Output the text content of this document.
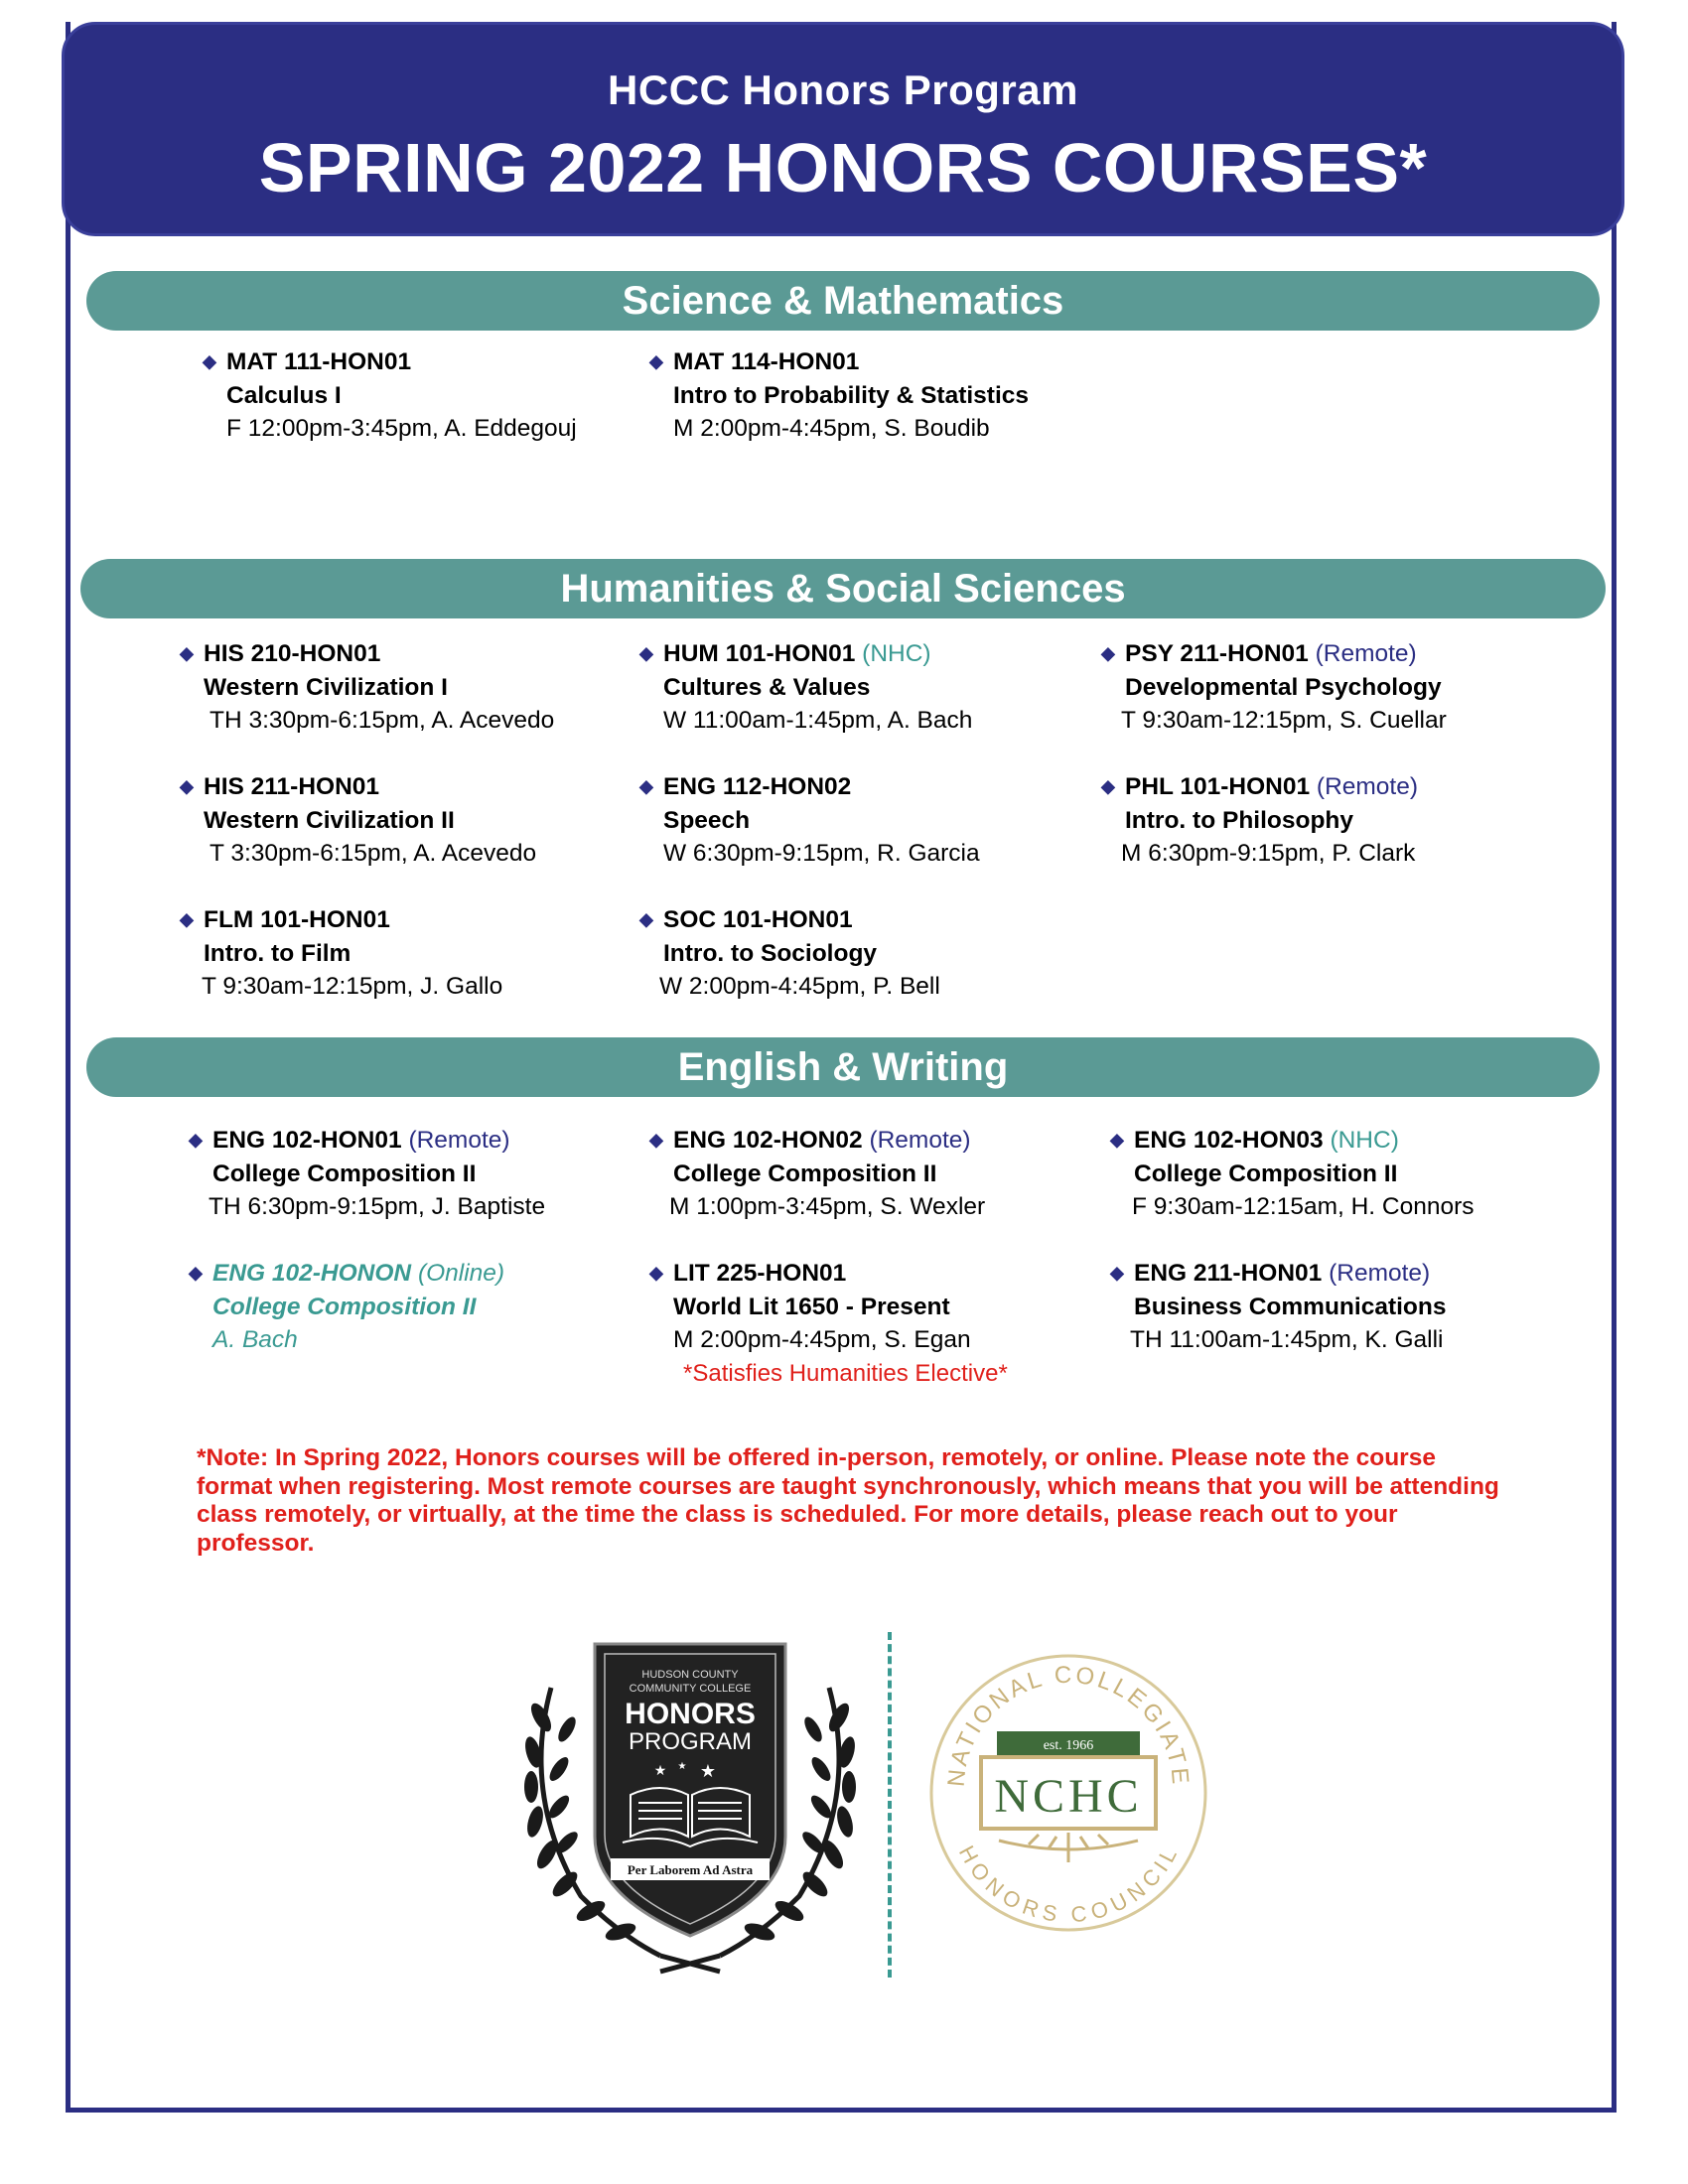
HCCC Honors Program
SPRING 2022 HONORS COURSES*
Science & Mathematics
Humanities & Social Sciences
English & Writing
◆ MAT 111-HON01
Calculus I
F 12:00pm-3:45pm, A. Eddegouj
◆ MAT 114-HON01
Intro to Probability & Statistics
M 2:00pm-4:45pm, S. Boudib
◆ HIS 210-HON01
Western Civilization I
TH 3:30pm-6:15pm, A. Acevedo
◆ HUM 101-HON01 (NHC)
Cultures & Values
W 11:00am-1:45pm, A. Bach
◆ PSY 211-HON01 (Remote)
Developmental Psychology
T 9:30am-12:15pm, S. Cuellar
◆ HIS 211-HON01
Western Civilization II
T 3:30pm-6:15pm, A. Acevedo
◆ ENG 112-HON02
Speech
W 6:30pm-9:15pm, R. Garcia
◆ PHL 101-HON01 (Remote)
Intro. to Philosophy
M 6:30pm-9:15pm, P. Clark
◆ FLM 101-HON01
Intro. to Film
T 9:30am-12:15pm, J. Gallo
◆ SOC 101-HON01
Intro. to Sociology
W 2:00pm-4:45pm, P. Bell
◆ ENG 102-HON01 (Remote)
College Composition II
TH 6:30pm-9:15pm, J. Baptiste
◆ ENG 102-HON02 (Remote)
College Composition II
M 1:00pm-3:45pm, S. Wexler
◆ ENG 102-HON03 (NHC)
College Composition II
F 9:30am-12:15am, H. Connors
◆ ENG 102-HONON (Online)
College Composition II
A. Bach
◆ LIT 225-HON01
World Lit 1650 - Present
M 2:00pm-4:45pm, S. Egan
*Satisfies Humanities Elective*
◆ ENG 211-HON01 (Remote)
Business Communications
TH 11:00am-1:45pm, K. Galli
*Note: In Spring 2022, Honors courses will be offered in-person, remotely, or online. Please note the course format when registering. Most remote courses are taught synchronously, which means that you will be attending class remotely, or virtually, at the time the class is scheduled. For more details, please reach out to your professor.
HUDSON COUNTY
COMMUNITY COLLEGE
HONORS
PROGRAM
★ ★ ★
Per Laborem Ad Astra
NATIONAL COLLEGIATE
HONORS COUNCIL
est. 1966
NCHC
